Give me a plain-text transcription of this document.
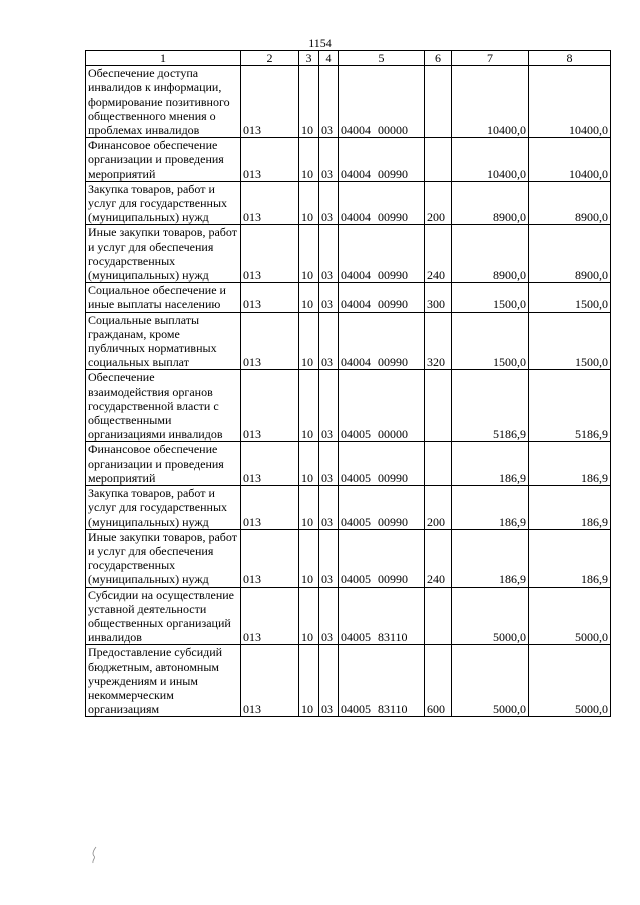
1154
1	2	3	4	5	6	7	8
Обеспечение доступа инвалидов к информации, формирование позитивного общественного мнения о проблемах инвалидов	013	10	03	04004 00000		10400,0	10400,0
Финансовое обеспечение организации и проведения мероприятий	013	10	03	04004 00990		10400,0	10400,0
Закупка товаров, работ и услуг для государственных (муниципальных) нужд	013	10	03	04004 00990	200	8900,0	8900,0
Иные закупки товаров, работ и услуг для обеспечения государственных (муниципальных) нужд	013	10	03	04004 00990	240	8900,0	8900,0
Социальное обеспечение и иные выплаты населению	013	10	03	04004 00990	300	1500,0	1500,0
Социальные выплаты гражданам, кроме публичных нормативных социальных выплат	013	10	03	04004 00990	320	1500,0	1500,0
Обеспечение взаимодействия органов государственной власти с общественными организациями инвалидов	013	10	03	04005 00000		5186,9	5186,9
Финансовое обеспечение организации и проведения мероприятий	013	10	03	04005 00990		186,9	186,9
Закупка товаров, работ и услуг для государственных (муниципальных) нужд	013	10	03	04005 00990	200	186,9	186,9
Иные закупки товаров, работ и услуг для обеспечения государственных (муниципальных) нужд	013	10	03	04005 00990	240	186,9	186,9
Субсидии на осуществление уставной деятельности общественных организаций инвалидов	013	10	03	04005 83110		5000,0	5000,0
Предоставление субсидий бюджетным, автономным учреждениям и иным некоммерческим организациям	013	10	03	04005 83110	600	5000,0	5000,0
